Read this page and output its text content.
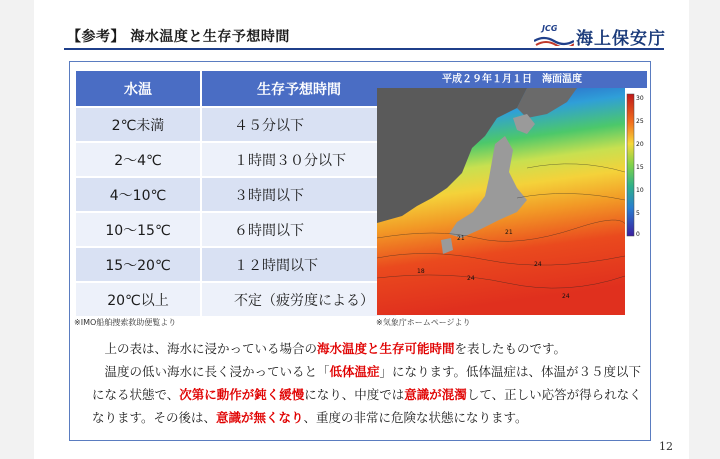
【参考】 海水温度と生存予想時間
JCG
海上保安庁
水温	生存予想時間
2℃未満	４５分以下
2～4℃	１時間３０分以下
4～10℃	３時間以下
10～15℃	６時間以下
15～20℃	１２時間以下
20℃以上	不定（疲労度による）
※IMO船舶捜索救助便覧より
平成２９年１月１日　海面温度
21
21
18
24
24
24
30
25
20
15
10
5
0
※気象庁ホームページより

　上の表は、海水に浸かっている場合の海水温度と生存可能時間を表したものです。

　温度の低い海水に長く浸かっていると「低体温症」になります。低体温症は、体温が３５度以下になる状態で、次第に動作が鈍く緩慢になり、中度では意識が混濁して、正しい応答が得られなくなります。その後は、意識が無くなり、重度の非常に危険な状態になります。

12
